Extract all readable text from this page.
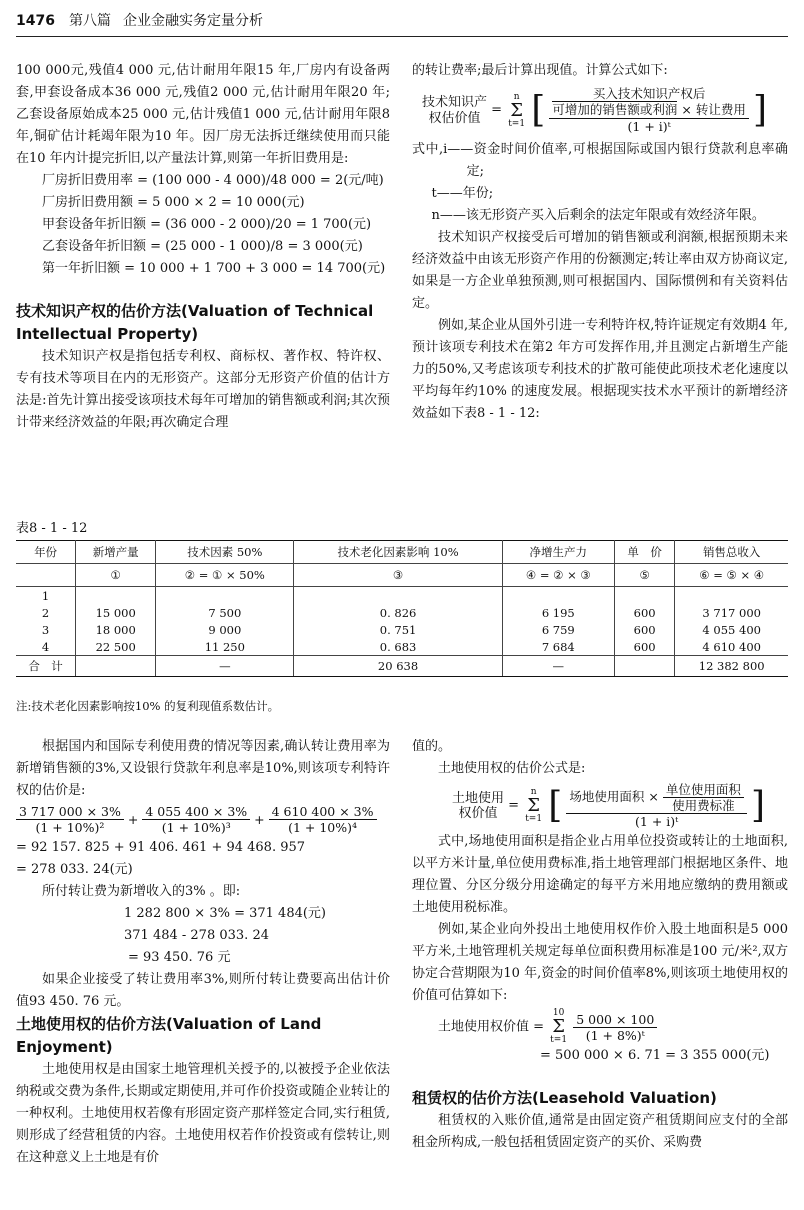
1476 第八篇 企业金融实务定量分析

100 000元,残值4 000 元,估计耐用年限15 年,厂房内有设备两套,甲套设备成本36 000 元,残值2 000 元,估计耐用年限20 年;乙套设备原始成本25 000 元,估计残值1 000 元,估计耐用年限8 年,铜矿估计耗竭年限为10 年。因厂房无法拆迁继续使用而只能在10 年内计提完折旧,以产量法计算,则第一年折旧费用是:

厂房折旧费用率 = (100 000 - 4 000)/48 000 = 2(元/吨)

厂房折旧费用额 = 5 000 × 2 = 10 000(元)

甲套设备年折旧额 = (36 000 - 2 000)/20 = 1 700(元)

乙套设备年折旧额 = (25 000 - 1 000)/8 = 3 000(元)

第一年折旧额 = 10 000 + 1 700 + 3 000 = 14 700(元)

技术知识产权的估价方法(Valuation of Technical Intellectual Property)

技术知识产权是指包括专利权、商标权、著作权、特许权、专有技术等项目在内的无形资产。这部分无形资产价值的估计方法是:首先计算出接受该项技术每年可增加的销售额或利润;其次预计带来经济效益的年限;再次确定合理

的转让费率;最后计算出现值。计算公式如下:

技术知识产
权估价值
= n
Σ
t=1 [ 买入技术知识产权后
可增加的销售额或利润 × 转让费用
(1 + i)ᵗ ]

式中,i——资金时间价值率,可根据国际或国内银行贷款利息率确定;

t——年份;

n——该无形资产买入后剩余的法定年限或有效经济年限。

技术知识产权接受后可增加的销售额或利润额,根据预期未来经济效益中由该无形资产作用的份额测定;转让率由双方协商议定,如果是一方企业单独预测,则可根据国内、国际惯例和有关资料估定。

例如,某企业从国外引进一专利特许权,特许证规定有效期4 年,预计该项专利技术在第2 年方可发挥作用,并且测定占新增生产能力的50%,又考虑该项专利技术的扩散可能使此项技术老化速度以平均每年约10% 的速度发展。根据现实技术水平预计的新增经济效益如下表8 - 1 - 12:

表8 - 1 - 12
年份	新增产量	技术因素 50%	技术老化因素影响 10%	净增生产力	单　价	销售总收入
	①	② = ① × 50%	③	④ = ② × ③	⑤	⑥ = ⑤ × ④
1						
2	15 000	7 500	0. 826	6 195	600	3 717 000
3	18 000	9 000	0. 751	6 759	600	4 055 400
4	22 500	11 250	0. 683	7 684	600	4 610 400
合　计		—	20 638	—		12 382 800
注:技术老化因素影响按10% 的复利现值系数估计。

根据国内和国际专利使用费的情况等因素,确认转让费用率为新增销售额的3%,又设银行贷款年利息率是10%,则该项专利特许权的估价是:

$\frac{3 717 000 \times 3\%}{\text{(1 + 10\%)²}} + \frac{4 055 400 \times 3\%}{\text{(1 + 10\%)³}} + \frac{4 610 400 \times 3\%}{\text{(1 + 10\%)⁴}}$

= 92 157. 825 + 91 406. 461 + 94 468. 957

= 278 033. 24(元)

所付转让费为新增收入的3% 。即:

1 282 800 × 3% = 371 484(元)

371 484 - 278 033. 24

= 93 450. 76 元

如果企业接受了转让费用率3%,则所付转让费要高出估计价值93 450. 76 元。

土地使用权的估价方法(Valuation of Land Enjoyment)

土地使用权是由国家土地管理机关授予的,以被授予企业依法纳税或交费为条件,长期或定期使用,并可作价投资或随企业转让的一种权利。土地使用权若像有形固定资产那样签定合同,实行租赁,则形成了经营租赁的内容。土地使用权若作价投资或有偿转让,则在这种意义上土地是有价

值的。

土地使用权的估价公式是:

土地使用
权价值 = n
Σ
t=1 [ $\frac{场地使用面积 \times \frac{\text{单位使用面积}}{\text{使用费标准}}}{\text{(1 + i)ᵗ}}$ ]

式中,场地使用面积是指企业占用单位投资或转让的土地面积,以平方米计量,单位使用费标准,指土地管理部门根据地区条件、地理位置、分区分级分用途确定的每平方米用地应缴纳的费用额或土地使用税标准。

例如,某企业向外投出土地使用权作价入股土地面积是5 000平方米,土地管理机关规定每单位面积费用标准是100 元/米²,双方协定合营期限为10 年,资金的时间价值率8%,则该项土地使用权的价值可估算如下:

土地使用权价值 = 10
Σ
$t=1 \frac{5 000 \times 100}{\text{(1 + 8\%)ᵗ}}$

= 500 000 × 6. 71 = 3 355 000(元)

租赁权的估价方法(Leasehold Valuation)

租赁权的入账价值,通常是由固定资产租赁期间应支付的全部租金所构成,一般包括租赁固定资产的买价、采购费
